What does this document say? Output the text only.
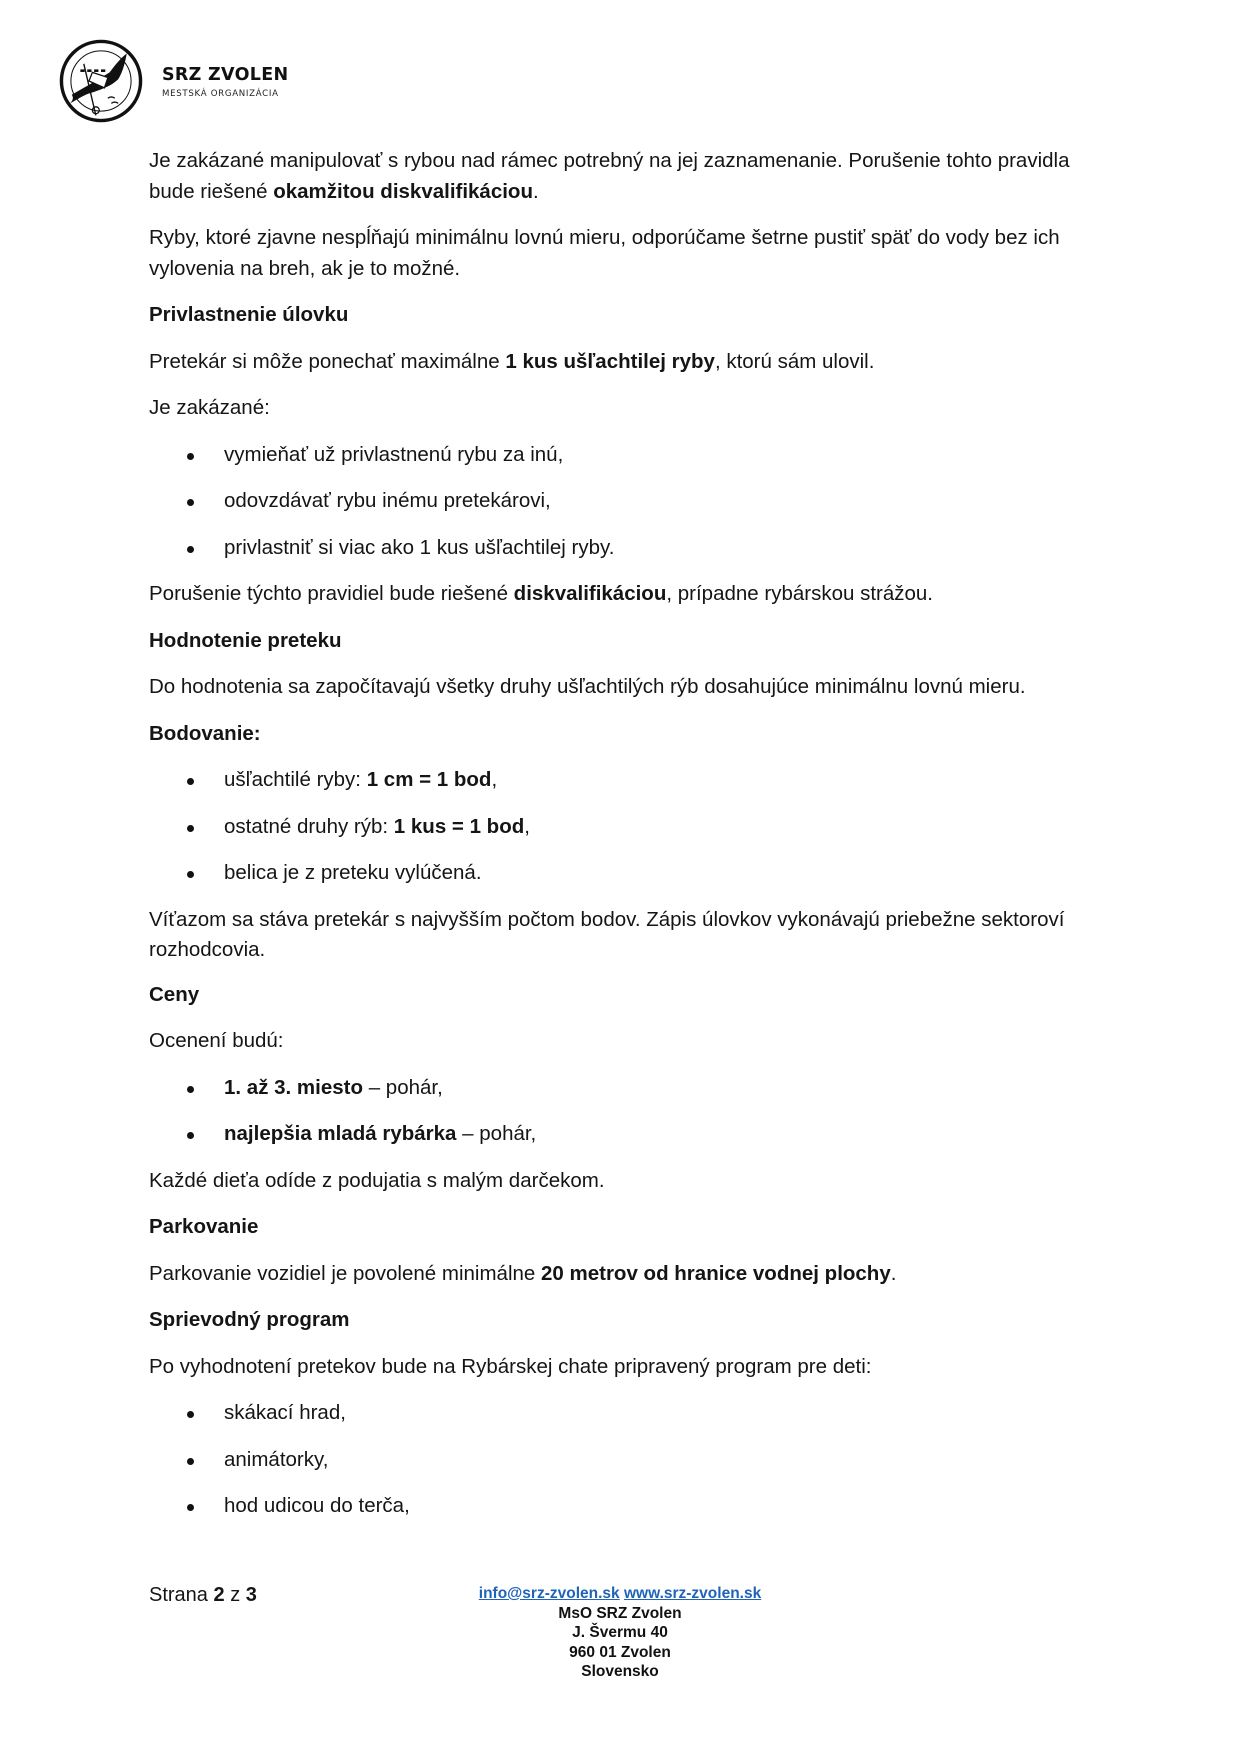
SRZ ZVOLEN
MESTSKÁ ORGANIZÁCIA

Je zakázané manipulovať s rybou nad rámec potrebný na jej zaznamenanie. Porušenie tohto pravidla bude riešené okamžitou diskvalifikáciou.

Ryby, ktoré zjavne nespĺňajú minimálnu lovnú mieru, odporúčame šetrne pustiť späť do vody bez ich vylovenia na breh, ak je to možné.

Privlastnenie úlovku

Pretekár si môže ponechať maximálne 1 kus ušľachtilej ryby, ktorú sám ulovil.

Je zakázané:

vymieňať už privlastnenú rybu za inú,
odovzdávať rybu inému pretekárovi,
privlastniť si viac ako 1 kus ušľachtilej ryby.

Porušenie týchto pravidiel bude riešené diskvalifikáciou, prípadne rybárskou strážou.

Hodnotenie preteku

Do hodnotenia sa započítavajú všetky druhy ušľachtilých rýb dosahujúce minimálnu lovnú mieru.

Bodovanie:

ušľachtilé ryby: 1 cm = 1 bod,
ostatné druhy rýb: 1 kus = 1 bod,
belica je z preteku vylúčená.

Víťazom sa stáva pretekár s najvyšším počtom bodov. Zápis úlovkov vykonávajú priebežne sektoroví rozhodcovia.

Ceny

Ocenení budú:

1. až 3. miesto – pohár,
najlepšia mladá rybárka – pohár,

Každé dieťa odíde z podujatia s malým darčekom.

Parkovanie

Parkovanie vozidiel je povolené minimálne 20 metrov od hranice vodnej plochy.

Sprievodný program

Po vyhodnotení pretekov bude na Rybárskej chate pripravený program pre deti:

skákací hrad,
animátorky,
hod udicou do terča,
Strana 2 z 3	info@srz-zvolen.sk www.srz-zvolen.sk
MsO SRZ Zvolen
J. Švermu 40
960 01 Zvolen
Slovensko
